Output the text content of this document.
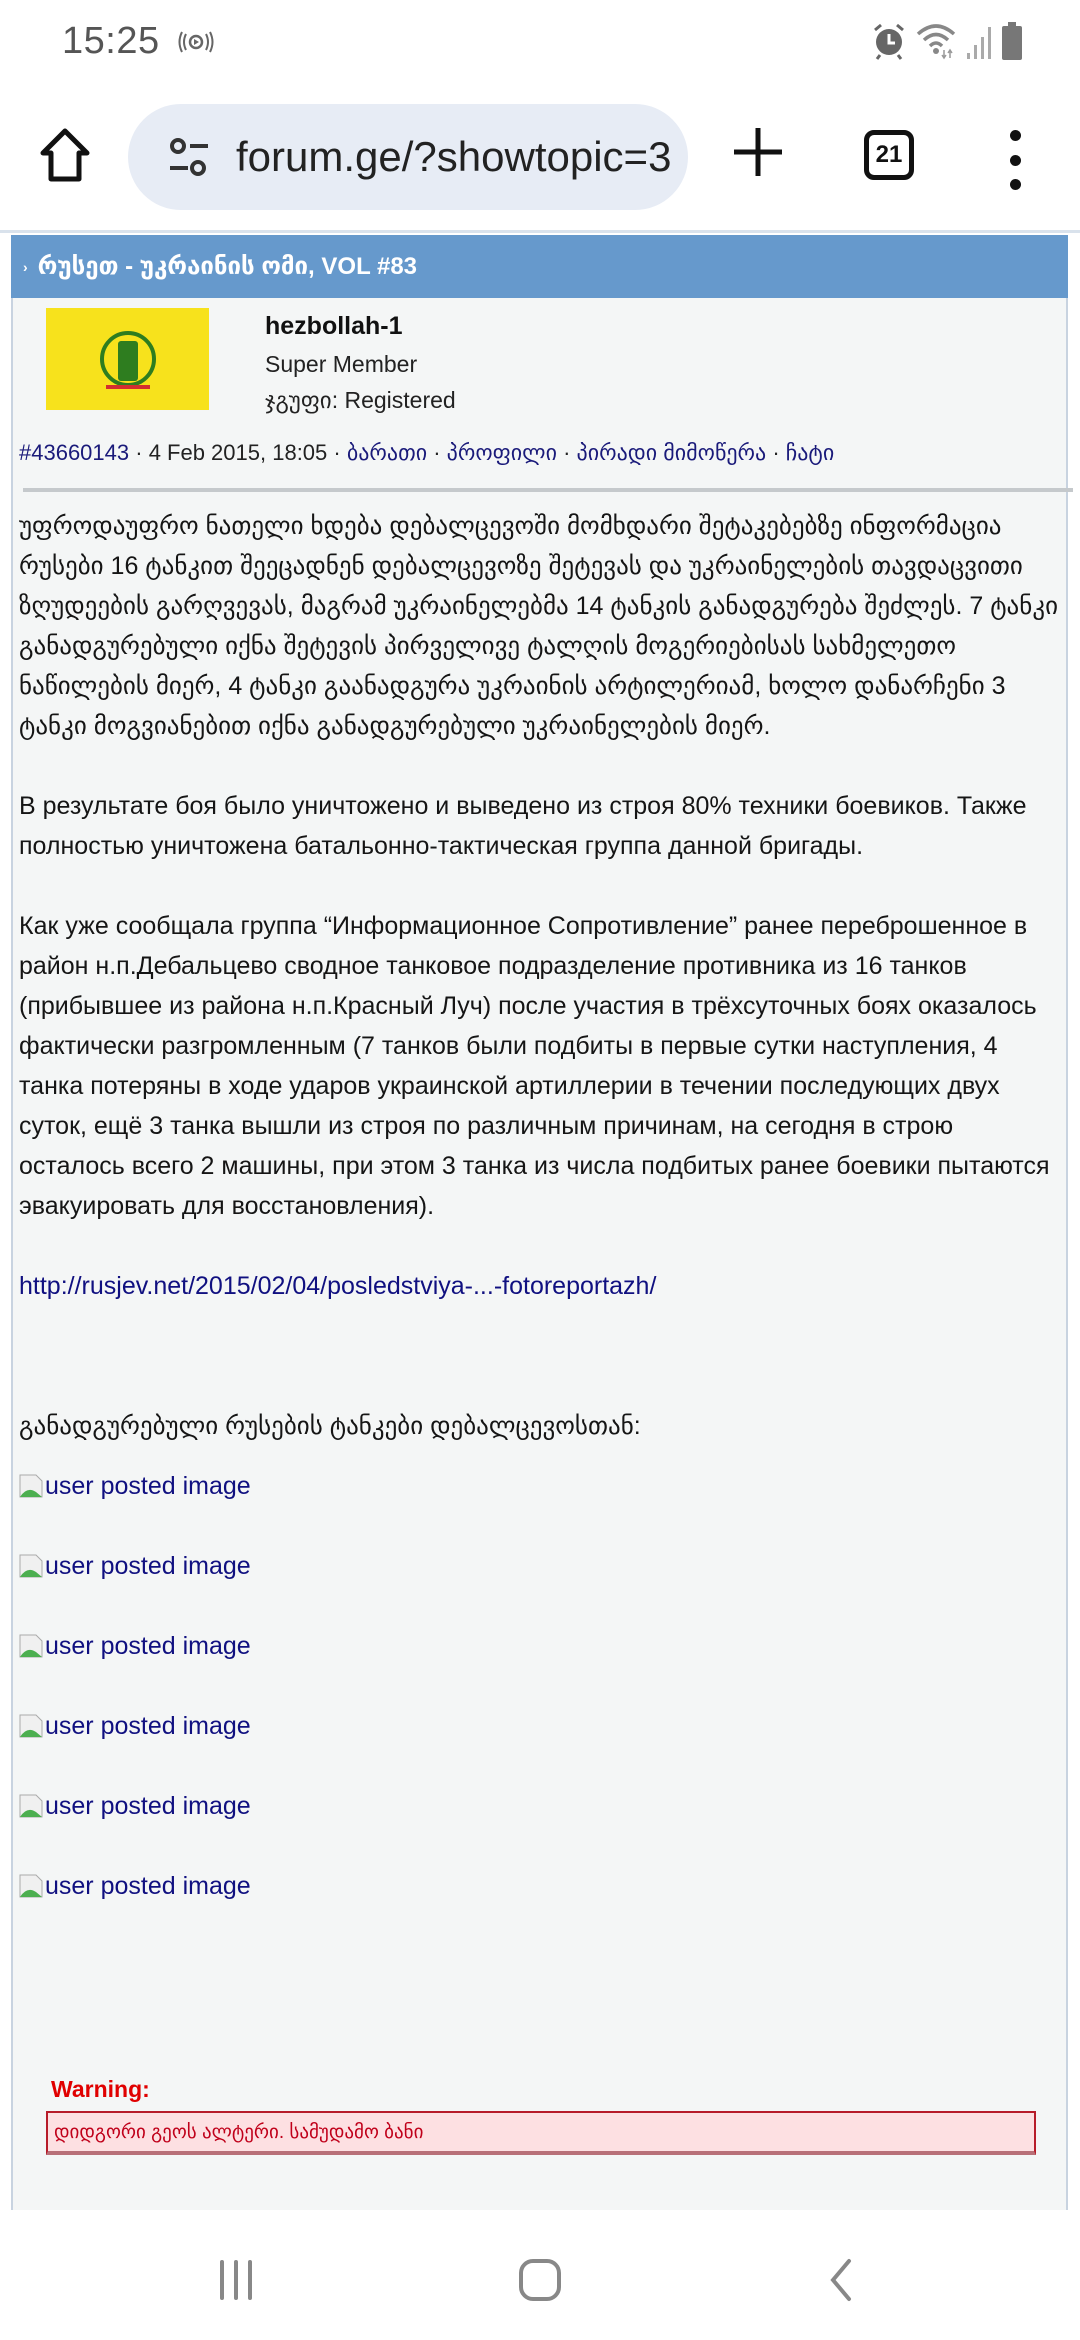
15:25
forum.ge/?showtopic=3	21
› რუსეთ - უკრაინის ომი, VOL #83
hezbollah-1
Super Member
ჯგუფი: Registered
#43660143 · 4 Feb 2015, 18:05 · ბარათი · პროფილი · პირადი მიმოწერა · ჩატი

უფროდაუფრო ნათელი ხდება დებალცევოში მომხდარი შეტაკებებზე ინფორმაცია

რუსები 16 ტანკით შეეცადნენ დებალცევოზე შეტევას და უკრაინელების თავდაცვითი ზღუდეების გარღვევას, მაგრამ უკრაინელებმა 14 ტანკის განადგურება შეძლეს. 7 ტანკი განადგურებული იქნა შეტევის პირველივე ტალღის მოგერიებისას სახმელეთო ნაწილების მიერ, 4 ტანკი გაანადგურა უკრაინის არტილერიამ, ხოლო დანარჩენი 3 ტანკი მოგვიანებით იქნა განადგურებული უკრაინელების მიერ.

В результате боя было уничтожено и выведено из строя 80% техники боевиков. Также полностью уничтожена батальонно-тактическая группа данной бригады.

Как уже сообщала группа “Информационное Сопротивление” ранее переброшенное в район н.п.Дебальцево сводное танковое подразделение противника из 16 танков (прибывшее из района н.п.Красный Луч) после участия в трёхсуточных боях оказалось фактически разгромленным (7 танков были подбиты в первые сутки наступления, 4 танка потеряны в ходе ударов украинской артиллерии в течении последующих двух суток, ещё 3 танка вышли из строя по различным причинам, на сегодня в строю осталось всего 2 машины, при этом 3 танка из числа подбитых ранее боевики пытаются эвакуировать для восстановления).

http://rusjev.net/2015/02/04/posledstviya-...-fotoreportazh/

განადგურებული რუსების ტანკები დებალცევოსთან:

user posted image
user posted image
user posted image
user posted image
user posted image
user posted image
Warning:
დიდგორი გეოს ალტერი. სამუდამო ბანი
